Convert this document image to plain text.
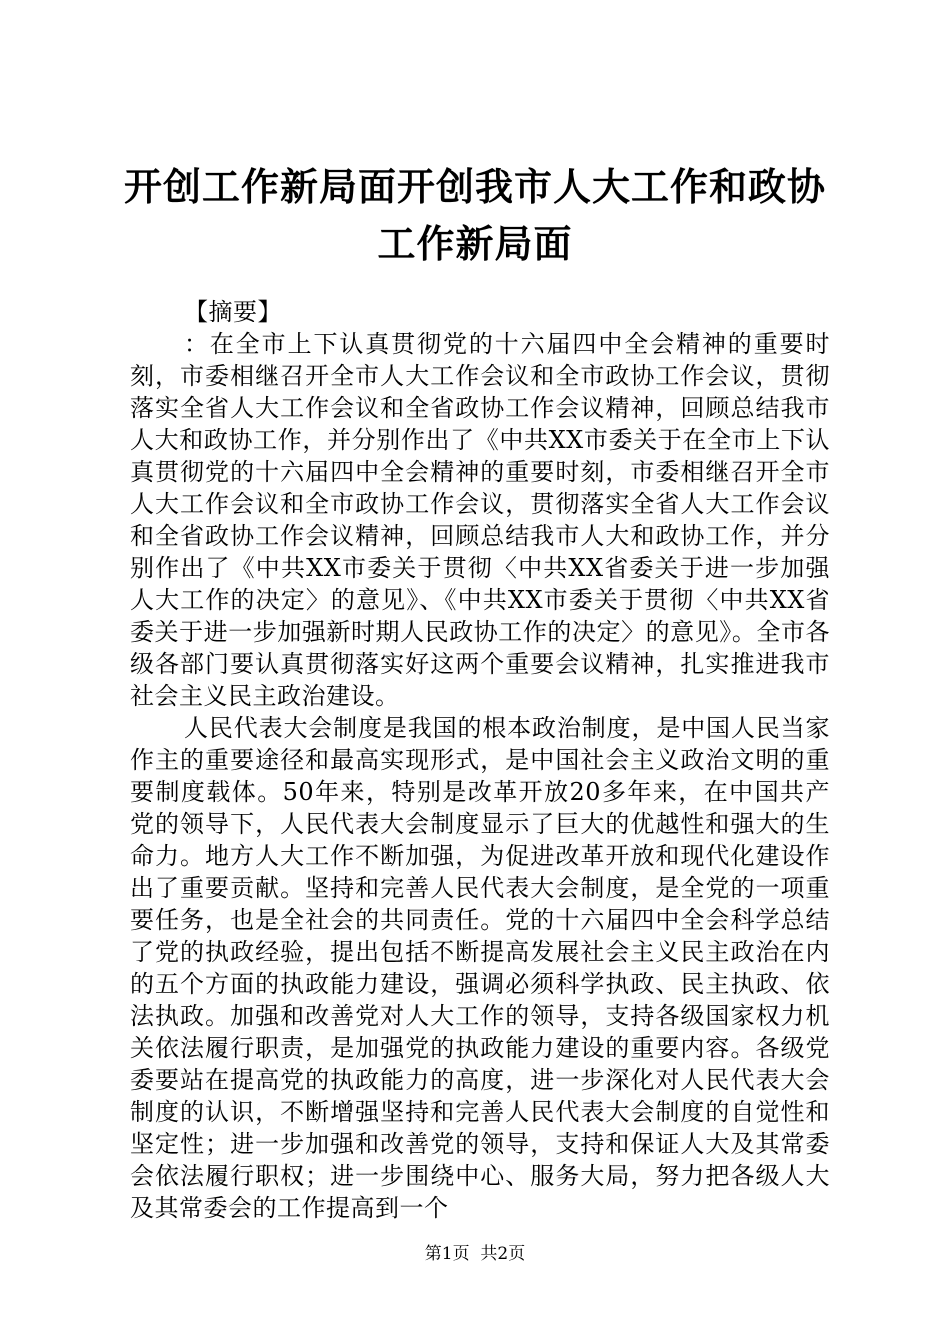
开创工作新局面开创我市人大工作和政协工作新局面

【摘要】

：在全市上下认真贯彻党的十六届四中全会精神的重要时刻，市委相继召开全市人大工作会议和全市政协工作会议，贯彻落实全省人大工作会议和全省政协工作会议精神，回顾总结我市人大和政协工作，并分别作出了《中共XX市委关于在全市上下认真贯彻党的十六届四中全会精神的重要时刻，市委相继召开全市人大工作会议和全市政协工作会议，贯彻落实全省人大工作会议和全省政协工作会议精神，回顾总结我市人大和政协工作，并分别作出了《中共XX市委关于贯彻〈中共XX省委关于进一步加强人大工作的决定〉的意见》、《中共XX市委关于贯彻〈中共XX省委关于进一步加强新时期人民政协工作的决定〉的意见》。全市各级各部门要认真贯彻落实好这两个重要会议精神，扎实推进我市社会主义民主政治建设。

人民代表大会制度是我国的根本政治制度，是中国人民当家作主的重要途径和最高实现形式，是中国社会主义政治文明的重要制度载体。50年来，特别是改革开放20多年来，在中国共产党的领导下，人民代表大会制度显示了巨大的优越性和强大的生命力。地方人大工作不断加强，为促进改革开放和现代化建设作出了重要贡献。坚持和完善人民代表大会制度，是全党的一项重要任务，也是全社会的共同责任。党的十六届四中全会科学总结了党的执政经验，提出包括不断提高发展社会主义民主政治在内的五个方面的执政能力建设，强调必须科学执政、民主执政、依法执政。加强和改善党对人大工作的领导，支持各级国家权力机关依法履行职责，是加强党的执政能力建设的重要内容。各级党委要站在提高党的执政能力的高度，进一步深化对人民代表大会制度的认识，不断增强坚持和完善人民代表大会制度的自觉性和坚定性；进一步加强和改善党的领导，支持和保证人大及其常委会依法履行职权；进一步围绕中心、服务大局，努力把各级人大及其常委会的工作提高到一个

第1页  共2页
